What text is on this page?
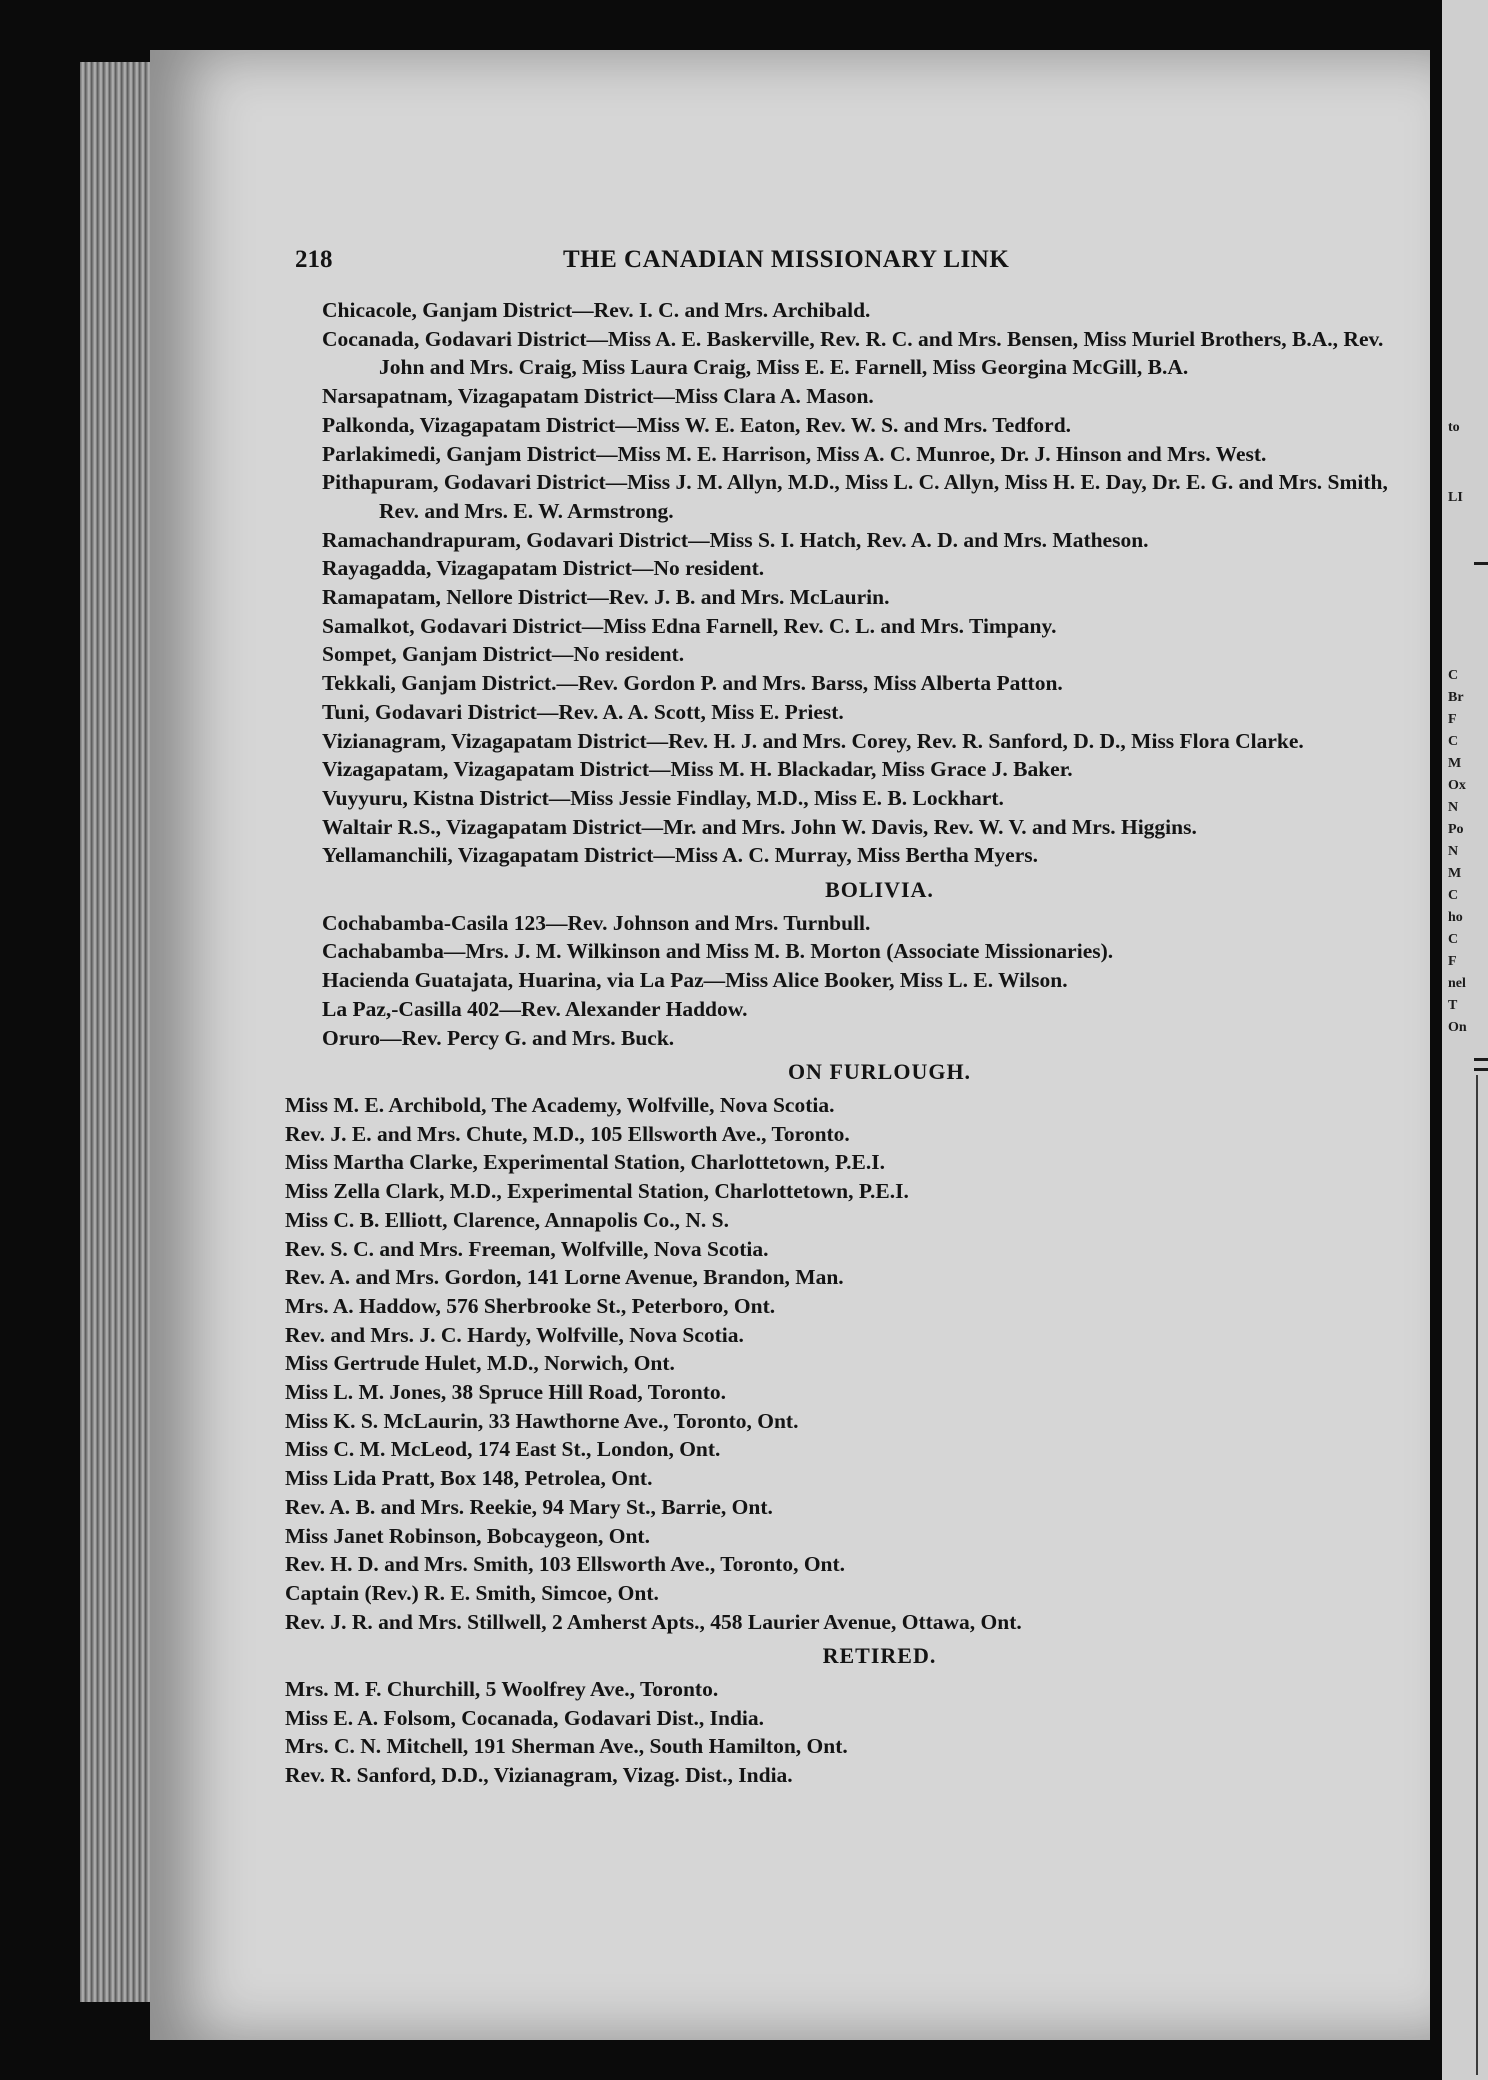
to
LI
C
Br
F
C
M
Ox
N
Po
N
M
C
ho
C
F
nel
T
On
218	THE CANADIAN MISSIONARY LINK

Chicacole, Ganjam District—Rev. I. C. and Mrs. Archibald.

Cocanada, Godavari District—Miss A. E. Baskerville, Rev. R. C. and Mrs. Bensen, Miss Muriel Brothers, B.A., Rev. John and Mrs. Craig, Miss Laura Craig, Miss E. E. Farnell, Miss Georgina McGill, B.A.

Narsapatnam, Vizagapatam District—Miss Clara A. Mason.

Palkonda, Vizagapatam District—Miss W. E. Eaton, Rev. W. S. and Mrs. Tedford.

Parlakimedi, Ganjam District—Miss M. E. Harrison, Miss A. C. Munroe, Dr. J. Hinson and Mrs. West.

Pithapuram, Godavari District—Miss J. M. Allyn, M.D., Miss L. C. Allyn, Miss H. E. Day, Dr. E. G. and Mrs. Smith, Rev. and Mrs. E. W. Armstrong.

Ramachandrapuram, Godavari District—Miss S. I. Hatch, Rev. A. D. and Mrs. Matheson.

Rayagadda, Vizagapatam District—No resident.

Ramapatam, Nellore District—Rev. J. B. and Mrs. McLaurin.

Samalkot, Godavari District—Miss Edna Farnell, Rev. C. L. and Mrs. Timpany.

Sompet, Ganjam District—No resident.

Tekkali, Ganjam District.—Rev. Gordon P. and Mrs. Barss, Miss Alberta Patton.

Tuni, Godavari District—Rev. A. A. Scott, Miss E. Priest.

Vizianagram, Vizagapatam District—Rev. H. J. and Mrs. Corey, Rev. R. Sanford, D. D., Miss Flora Clarke.

Vizagapatam, Vizagapatam District—Miss M. H. Blackadar, Miss Grace J. Baker.

Vuyyuru, Kistna District—Miss Jessie Findlay, M.D., Miss E. B. Lockhart.

Waltair R.S., Vizagapatam District—Mr. and Mrs. John W. Davis, Rev. W. V. and Mrs. Higgins.

Yellamanchili, Vizagapatam District—Miss A. C. Murray, Miss Bertha Myers.

BOLIVIA.

Cochabamba-Casila 123—Rev. Johnson and Mrs. Turnbull.

Cachabamba—Mrs. J. M. Wilkinson and Miss M. B. Morton (Associate Missionaries).

Hacienda Guatajata, Huarina, via La Paz—Miss Alice Booker, Miss L. E. Wilson.

La Paz,-Casilla 402—Rev. Alexander Haddow.

Oruro—Rev. Percy G. and Mrs. Buck.

ON FURLOUGH.

Miss M. E. Archibold, The Academy, Wolfville, Nova Scotia.

Rev. J. E. and Mrs. Chute, M.D., 105 Ellsworth Ave., Toronto.

Miss Martha Clarke, Experimental Station, Charlottetown, P.E.I.

Miss Zella Clark, M.D., Experimental Station, Charlottetown, P.E.I.

Miss C. B. Elliott, Clarence, Annapolis Co., N. S.

Rev. S. C. and Mrs. Freeman, Wolfville, Nova Scotia.

Rev. A. and Mrs. Gordon, 141 Lorne Avenue, Brandon, Man.

Mrs. A. Haddow, 576 Sherbrooke St., Peterboro, Ont.

Rev. and Mrs. J. C. Hardy, Wolfville, Nova Scotia.

Miss Gertrude Hulet, M.D., Norwich, Ont.

Miss L. M. Jones, 38 Spruce Hill Road, Toronto.

Miss K. S. McLaurin, 33 Hawthorne Ave., Toronto, Ont.

Miss C. M. McLeod, 174 East St., London, Ont.

Miss Lida Pratt, Box 148, Petrolea, Ont.

Rev. A. B. and Mrs. Reekie, 94 Mary St., Barrie, Ont.

Miss Janet Robinson, Bobcaygeon, Ont.

Rev. H. D. and Mrs. Smith, 103 Ellsworth Ave., Toronto, Ont.

Captain (Rev.) R. E. Smith, Simcoe, Ont.

Rev. J. R. and Mrs. Stillwell, 2 Amherst Apts., 458 Laurier Avenue, Ottawa, Ont.

RETIRED.

Mrs. M. F. Churchill, 5 Woolfrey Ave., Toronto.

Miss E. A. Folsom, Cocanada, Godavari Dist., India.

Mrs. C. N. Mitchell, 191 Sherman Ave., South Hamilton, Ont.

Rev. R. Sanford, D.D., Vizianagram, Vizag. Dist., India.
